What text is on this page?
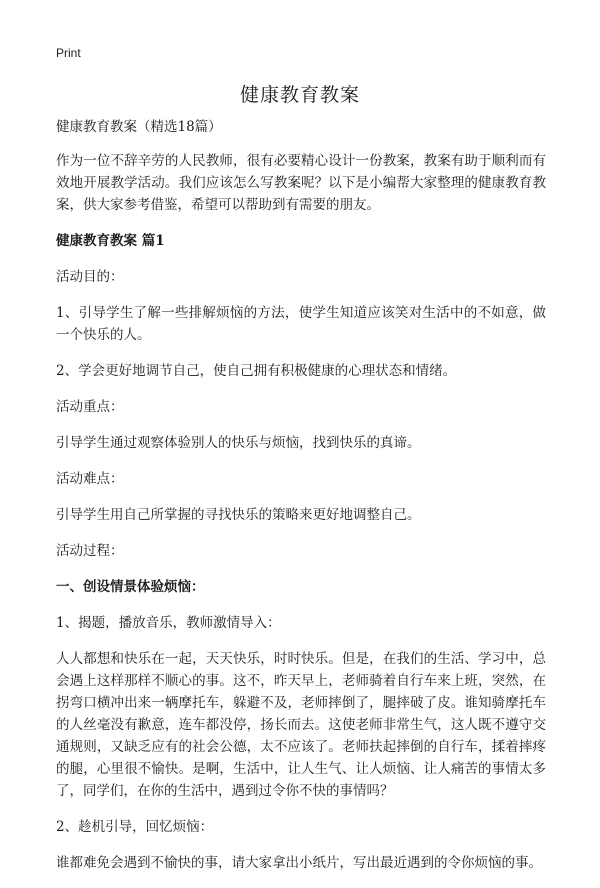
Print
健康教育教案

健康教育教案（精选18篇）

作为一位不辞辛劳的人民教师，很有必要精心设计一份教案，教案有助于顺利而有效地开展教学活动。我们应该怎么写教案呢？以下是小编帮大家整理的健康教育教案，供大家参考借鉴，希望可以帮助到有需要的朋友。

健康教育教案 篇1

活动目的：

1、引导学生了解一些排解烦恼的方法，使学生知道应该笑对生活中的不如意，做一个快乐的人。

2、学会更好地调节自己，使自己拥有积极健康的心理状态和情绪。

活动重点：

引导学生通过观察体验别人的快乐与烦恼，找到快乐的真谛。

活动难点：

引导学生用自己所掌握的寻找快乐的策略来更好地调整自己。

活动过程：

一、创设情景体验烦恼：

1、揭题，播放音乐，教师激情导入：

人人都想和快乐在一起，天天快乐，时时快乐。但是，在我们的生活、学习中，总会遇上这样那样不顺心的事。这不，昨天早上，老师骑着自行车来上班，突然，在拐弯口横冲出来一辆摩托车，躲避不及，老师摔倒了，腿摔破了皮。谁知骑摩托车的人丝毫没有歉意，连车都没停，扬长而去。这使老师非常生气，这人既不遵守交通规则，又缺乏应有的社会公德，太不应该了。老师扶起摔倒的自行车，揉着摔疼的腿，心里很不愉快。是啊，生活中，让人生气、让人烦恼、让人痛苦的事情太多了，同学们，在你的生活中，遇到过令你不快的事情吗？

2、趁机引导，回忆烦恼：

谁都难免会遇到不愉快的事，请大家拿出小纸片，写出最近遇到的令你烦恼的事。
